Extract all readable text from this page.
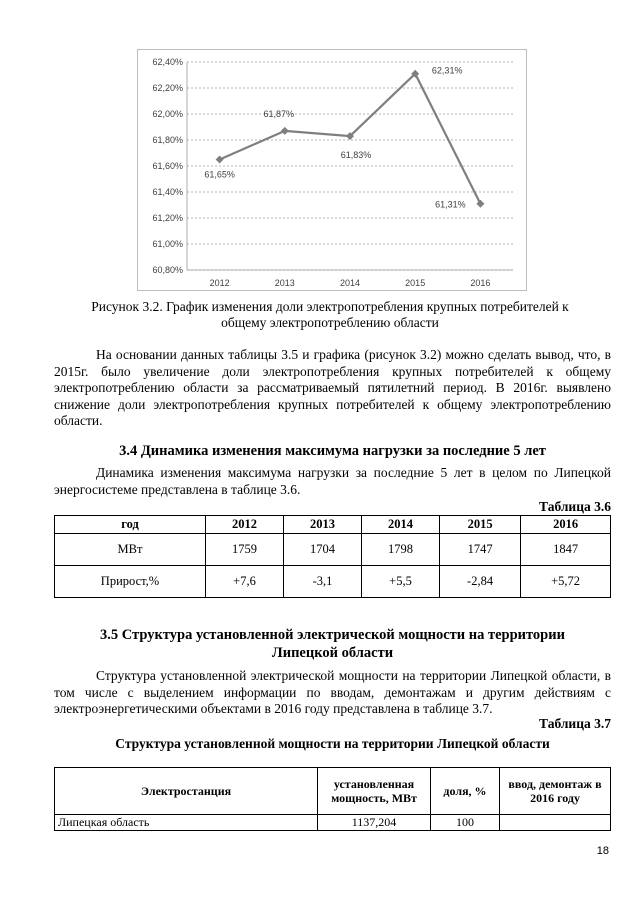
62,40%
62,20%
62,00%
61,80%
61,60%
61,40%
61,20%
61,00%
60,80%
2012	2013	2014	2015	2016
61,65%
61,87%
61,83%
62,31%
61,31%
Рисунок 3.2. График изменения доли электропотребления крупных потребителей к
общему электропотреблению области
На основании данных таблицы 3.5 и графика (рисунок 3.2) можно сделать вывод, что, в 2015г. было увеличение доли электропотребления крупных потребителей к общему электропотреблению области за рассматриваемый пятилетний период. В 2016г. выявлено снижение доли электропотребления крупных потребителей к общему электропотреблению области.
3.4 Динамика изменения максимума нагрузки за последние 5 лет
Динамика изменения максимума нагрузки за последние 5 лет в целом по Липецкой энергосистеме представлена в таблице 3.6.
Таблица 3.6
год	2012	2013	2014	2015	2016
МВт	1759	1704	1798	1747	1847
Прирост,%	+7,6	-3,1	+5,5	-2,84	+5,72
3.5 Структура установленной электрической мощности на территории
Липецкой области
Структура установленной электрической мощности на территории Липецкой области, в том числе с выделением информации по вводам, демонтажам и другим действиям с электроэнергетическими объектами в 2016 году представлена в таблице 3.7.
Таблица 3.7
Структура установленной мощности на территории Липецкой области
Электростанция	установленная мощность, МВт	доля, %	ввод, демонтаж в 2016 году
Липецкая область	1137,204	100	
18
